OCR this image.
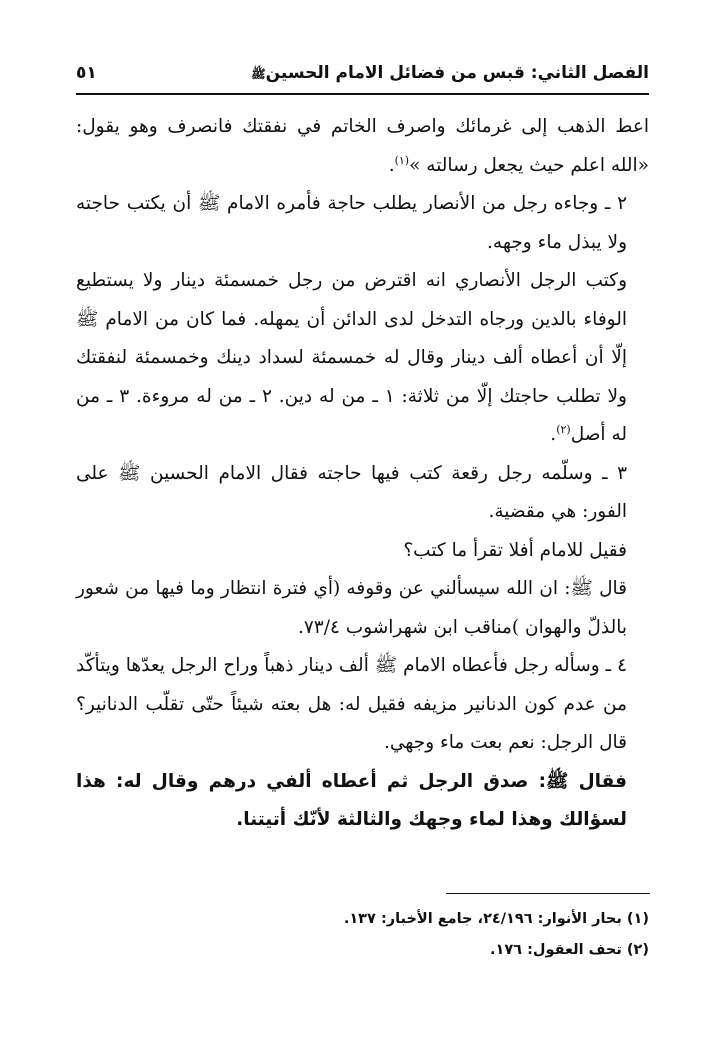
الفصل الثاني: قبس من فضائل الامام الحسينﷺ
٥١

اعط الذهب إلى غرمائك واصرف الخاتم في نفقتك فانصرف وهو يقول: «الله اعلم حيث يجعل رسالته »$^{(١)}$.

٢ ـ وجاءه رجل من الأنصار يطلب حاجة فأمره الامام ﷺ أن يكتب حاجته ولا يبذل ماء وجهه.

وكتب الرجل الأنصاري انه اقترض من رجل خمسمئة دينار ولا يستطيع الوفاء بالدين ورجاه التدخل لدى الدائن أن يمهله. فما كان من الامام ﷺ إلّا أن أعطاه ألف دينار وقال له خمسمئة لسداد دينك وخمسمئة لنفقتك ولا تطلب حاجتك إلّا من ثلاثة: ١ ـ من له دين. ٢ ـ من له مروءة. ٣ ـ من له أصل$^{(٢)}$.

٣ ـ وسلّمه رجل رقعة كتب فيها حاجته فقال الامام الحسين ﷺ على الفور: هي مقضية.

فقيل للامام أفلا تقرأ ما كتب؟

قال ﷺ: ان الله سيسألني عن وقوفه (أي فترة انتظار وما فيها من شعور بالذلّ والهوان )مناقب ابن شهراشوب ٧٣/٤.

٤ ـ وسأله رجل فأعطاه الامام ﷺ ألف دينار ذهباً وراح الرجل يعدّها ويتأكّد من عدم كون الدنانير مزيفه فقيل له: هل بعته شيئاً حتّى تقلّب الدنانير؟ قال الرجل: نعم بعت ماء وجهي.

فقال ﷺ: صدق الرجل ثم أعطاه ألفي درهم وقال له: هذا لسؤالك وهذا لماء وجهك والثالثة لأنّك أتيتنا.

(١) بحار الأنوار: ٢٤/١٩٦، جامع الأخبار: ١٣٧.

(٢) تحف العقول: ١٧٦.
